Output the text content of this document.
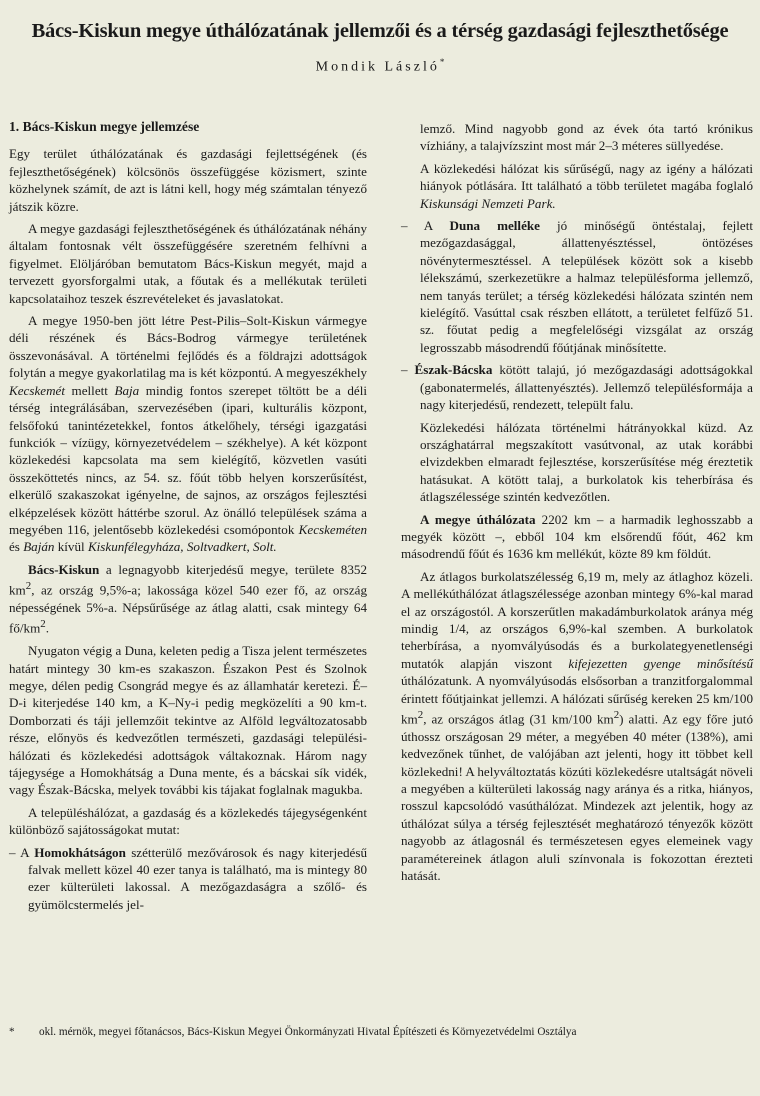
Bács-Kiskun megye úthálózatának jellemzői és a térség gazdasági fejleszthetősége
Mondik László*
1. Bács-Kiskun megye jellemzése

Egy terület úthálózatának és gazdasági fejlettségének (és fejleszthetőségének) kölcsönös összefüggése közismert, szinte közhelynek számít, de azt is látni kell, hogy még számtalan tényező játszik közre.

A megye gazdasági fejleszthetőségének és úthálózatának néhány általam fontosnak vélt összefüggésére szeretném felhívni a figyelmet. Elöljáróban bemutatom Bács-Kiskun megyét, majd a tervezett gyorsforgalmi utak, a főutak és a mellékutak területi kapcsolataihoz teszek észrevételeket és javaslatokat.

A megye 1950-ben jött létre Pest-Pilis–Solt-Kiskun vármegye déli részének és Bács-Bodrog vármegye területének összevonásával. A történelmi fejlődés és a földrajzi adottságok folytán a megye gyakorlatilag ma is két központú. A megyeszékhely Kecskemét mellett Baja mindig fontos szerepet töltött be a déli térség integrálásában, szervezésében (ipari, kulturális központ, felsőfokú tanintézetekkel, fontos átkelőhely, térségi igazgatási funkciók – vízügy, környezetvédelem – székhelye). A két központ közlekedési kapcsolata ma sem kielégítő, közvetlen vasúti összeköttetés nincs, az 54. sz. főút több helyen korszerűsítést, elkerülő szakaszokat igényelne, de sajnos, az országos fejlesztési elképzelések között háttérbe szorul. Az önálló települések száma a megyében 116, jelentősebb közlekedési csomópontok Kecskeméten és Baján kívül Kiskunfélegyháza, Soltvadkert, Solt.

Bács-Kiskun a legnagyobb kiterjedésű megye, területe 8352 $km^2$, az ország 9,5%-a; lakossága közel 540 ezer fő, az ország népességének 5%-a. Népsűrűsége az átlag alatti, csak mintegy 64 $fő/km^2$.

Nyugaton végig a Duna, keleten pedig a Tisza jelent természetes határt mintegy 30 km-es szakaszon. Északon Pest és Szolnok megye, délen pedig Csongrád megye és az államhatár keretezi. É–D-i kiterjedése 140 km, a K–Ny-i pedig megközelíti a 90 km-t. Domborzati és táji jellemzőit tekintve az Alföld legváltozatosabb része, előnyös és kedvezőtlen természeti, gazdasági települési-hálózati és közlekedési adottságok váltakoznak. Három nagy tájegysége a Homokhátság a Duna mente, és a bácskai sík vidék, vagy Észak-Bácska, melyek további kis tájakat foglalnak magukba.

A településhálózat, a gazdaság és a közlekedés tájegységenként különböző sajátosságokat mutat:

– A Homokhátságon szétterülő mezővárosok és nagy kiterjedésű falvak mellett közel 40 ezer tanya is található, ma is mintegy 80 ezer külterületi lakossal. A mezőgazdaságra a szőlő- és gyümölcstermelés jel-

lemző. Mind nagyobb gond az évek óta tartó krónikus vízhiány, a talajvízszint most már 2–3 méteres süllyedése.

A közlekedési hálózat kis sűrűségű, nagy az igény a hálózati hiányok pótlására. Itt található a több területet magába foglaló Kiskunsági Nemzeti Park.

– A Duna melléke jó minőségű öntéstalaj, fejlett mezőgazdasággal, állattenyésztéssel, öntözéses növénytermesztéssel. A települések között sok a kisebb lélekszámú, szerkezetükre a halmaz településforma jellemző, nem tanyás terület; a térség közlekedési hálózata szintén nem kielégítő. Vasúttal csak részben ellátott, a területet felfűző 51. sz. főutat pedig a megfelelőségi vizsgálat az ország legrosszabb másodrendű főútjának minősítette.

– Észak-Bácska kötött talajú, jó mezőgazdasági adottságokkal (gabonatermelés, állattenyésztés). Jellemző településformája a nagy kiterjedésű, rendezett, települt falu.

Közlekedési hálózata történelmi hátrányokkal küzd. Az országhatárral megszakított vasútvonal, az utak korábbi elvizdekben elmaradt fejlesztése, korszerűsítése még éreztetik hatásukat. A kötött talaj, a burkolatok kis teherbírása és átlagszélessége szintén kedvezőtlen.

A megye úthálózata 2202 km – a harmadik leghosszabb a megyék között –, ebből 104 km elsőrendű főút, 462 km másodrendű főút és 1636 km mellékút, közte 89 km földút.

Az átlagos burkolatszélesség 6,19 m, mely az átlaghoz közeli. A mellékúthálózat átlagszélessége azonban mintegy 6%-kal marad el az országostól. A korszerűtlen makadámburkolatok aránya még mindig 1/4, az országos 6,9%-kal szemben. A burkolatok teherbírása, a nyomvályúsodás és a burkolategyenetlenségi mutatók alapján viszont kifejezetten gyenge minősítésű úthálózatunk. A nyomvályúsodás elsősorban a tranzitforgalommal érintett főútjainkat jellemzi. A hálózati sűrűség kereken 25 km/100 $km^2$, az országos átlag (31 km/100 $km^2$) alatti. Az egy főre jutó úthossz országosan 29 méter, a megyében 40 méter (138%), ami kedvezőnek tűnhet, de valójában azt jelenti, hogy itt többet kell közlekedni! A helyváltoztatás közúti közlekedésre utaltságát növeli a megyében a külterületi lakosság nagy aránya és a ritka, hiányos, rosszul kapcsolódó vasúthálózat. Mindezek azt jelentik, hogy az úthálózat súlya a térség fejlesztését meghatározó tényezők között nagyobb az átlagosnál és természetesen egyes elemeinek vagy paramétereinek átlagon aluli színvonala is fokozottan érezteti hatását.

* okl. mérnök, megyei főtanácsos, Bács-Kiskun Megyei Önkormányzati Hivatal Építészeti és Környezetvédelmi Osztálya
